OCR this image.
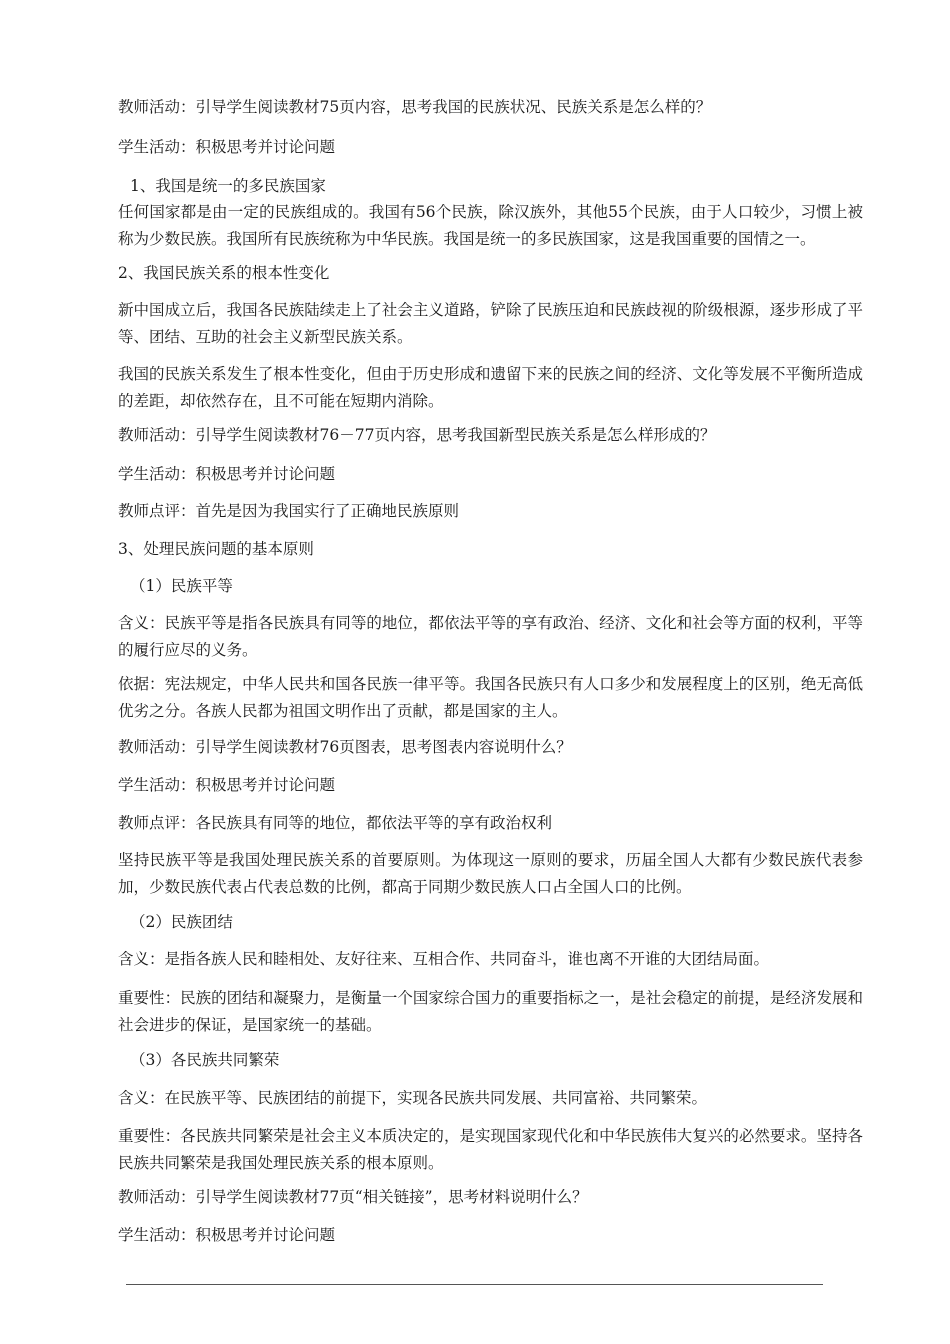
教师活动：引导学生阅读教材75页内容，思考我国的民族状况、民族关系是怎么样的？

学生活动：积极思考并讨论问题

1、我国是统一的多民族国家

任何国家都是由一定的民族组成的。我国有56个民族，除汉族外，其他55个民族，由于人口较少，习惯上被称为少数民族。我国所有民族统称为中华民族。我国是统一的多民族国家，这是我国重要的国情之一。

2、我国民族关系的根本性变化

新中国成立后，我国各民族陆续走上了社会主义道路，铲除了民族压迫和民族歧视的阶级根源，逐步形成了平等、团结、互助的社会主义新型民族关系。

我国的民族关系发生了根本性变化，但由于历史形成和遗留下来的民族之间的经济、文化等发展不平衡所造成的差距，却依然存在，且不可能在短期内消除。

教师活动：引导学生阅读教材76－77页内容，思考我国新型民族关系是怎么样形成的？

学生活动：积极思考并讨论问题

教师点评：首先是因为我国实行了正确地民族原则

3、处理民族问题的基本原则

（1）民族平等

含义：民族平等是指各民族具有同等的地位，都依法平等的享有政治、经济、文化和社会等方面的权利，平等的履行应尽的义务。

依据：宪法规定，中华人民共和国各民族一律平等。我国各民族只有人口多少和发展程度上的区别，绝无高低优劣之分。各族人民都为祖国文明作出了贡献，都是国家的主人。

教师活动：引导学生阅读教材76页图表，思考图表内容说明什么？

学生活动：积极思考并讨论问题

教师点评：各民族具有同等的地位，都依法平等的享有政治权利

坚持民族平等是我国处理民族关系的首要原则。为体现这一原则的要求，历届全国人大都有少数民族代表参加，少数民族代表占代表总数的比例，都高于同期少数民族人口占全国人口的比例。

（2）民族团结

含义：是指各族人民和睦相处、友好往来、互相合作、共同奋斗，谁也离不开谁的大团结局面。

重要性：民族的团结和凝聚力，是衡量一个国家综合国力的重要指标之一，是社会稳定的前提，是经济发展和社会进步的保证，是国家统一的基础。

（3）各民族共同繁荣

含义：在民族平等、民族团结的前提下，实现各民族共同发展、共同富裕、共同繁荣。

重要性：各民族共同繁荣是社会主义本质决定的，是实现国家现代化和中华民族伟大复兴的必然要求。坚持各民族共同繁荣是我国处理民族关系的根本原则。

教师活动：引导学生阅读教材77页“相关链接”，思考材料说明什么？

学生活动：积极思考并讨论问题
